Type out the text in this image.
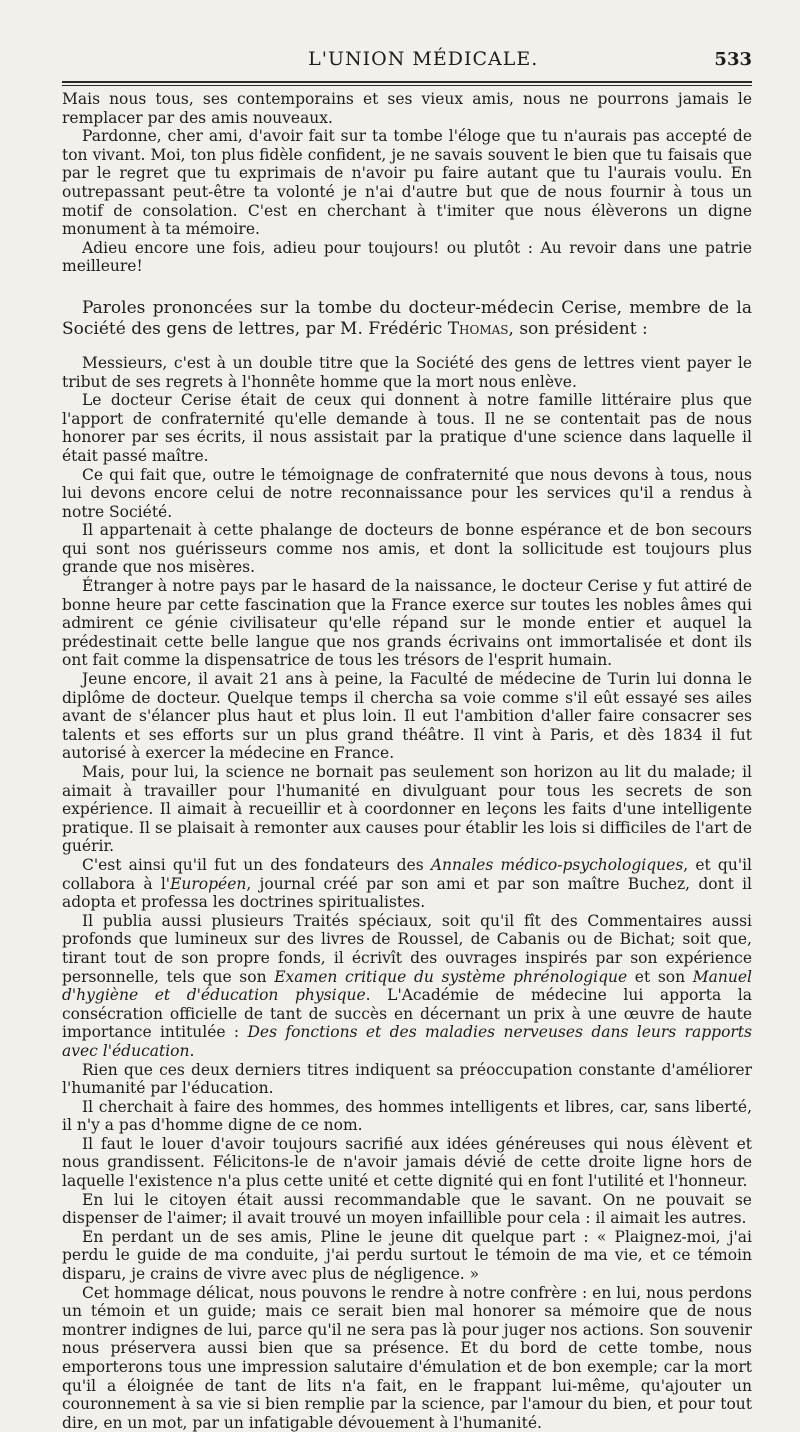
L'UNION MÉDICALE.	533

Mais nous tous, ses contemporains et ses vieux amis, nous ne pourrons jamais le remplacer par des amis nouveaux.

Pardonne, cher ami, d'avoir fait sur ta tombe l'éloge que tu n'aurais pas accepté de ton vivant. Moi, ton plus fidèle confident, je ne savais souvent le bien que tu faisais que par le regret que tu exprimais de n'avoir pu faire autant que tu l'aurais voulu. En outrepassant peut-être ta volonté je n'ai d'autre but que de nous fournir à tous un motif de consolation. C'est en cherchant à t'imiter que nous élèverons un digne monument à ta mémoire.

Adieu encore une fois, adieu pour toujours! ou plutôt : Au revoir dans une patrie meilleure!

Paroles prononcées sur la tombe du docteur-médecin Cerise, membre de la Société des gens de lettres, par M. Frédéric Thomas, son président :

Messieurs, c'est à un double titre que la Société des gens de lettres vient payer le tribut de ses regrets à l'honnête homme que la mort nous enlève.

Le docteur Cerise était de ceux qui donnent à notre famille littéraire plus que l'apport de confraternité qu'elle demande à tous. Il ne se contentait pas de nous honorer par ses écrits, il nous assistait par la pratique d'une science dans laquelle il était passé maître.

Ce qui fait que, outre le témoignage de confraternité que nous devons à tous, nous lui devons encore celui de notre reconnaissance pour les services qu'il a rendus à notre Société.

Il appartenait à cette phalange de docteurs de bonne espérance et de bon secours qui sont nos guérisseurs comme nos amis, et dont la sollicitude est toujours plus grande que nos misères.

Étranger à notre pays par le hasard de la naissance, le docteur Cerise y fut attiré de bonne heure par cette fascination que la France exerce sur toutes les nobles âmes qui admirent ce génie civilisateur qu'elle répand sur le monde entier et auquel la prédestinait cette belle langue que nos grands écrivains ont immortalisée et dont ils ont fait comme la dispensatrice de tous les trésors de l'esprit humain.

Jeune encore, il avait 21 ans à peine, la Faculté de médecine de Turin lui donna le diplôme de docteur. Quelque temps il chercha sa voie comme s'il eût essayé ses ailes avant de s'élancer plus haut et plus loin. Il eut l'ambition d'aller faire consacrer ses talents et ses efforts sur un plus grand théâtre. Il vint à Paris, et dès 1834 il fut autorisé à exercer la médecine en France.

Mais, pour lui, la science ne bornait pas seulement son horizon au lit du malade; il aimait à travailler pour l'humanité en divulguant pour tous les secrets de son expérience. Il aimait à recueillir et à coordonner en leçons les faits d'une intelligente pratique. Il se plaisait à remonter aux causes pour établir les lois si difficiles de l'art de guérir.

C'est ainsi qu'il fut un des fondateurs des Annales médico-psychologiques, et qu'il collabora à l'Européen, journal créé par son ami et par son maître Buchez, dont il adopta et professa les doctrines spiritualistes.

Il publia aussi plusieurs Traités spéciaux, soit qu'il fît des Commentaires aussi profonds que lumineux sur des livres de Roussel, de Cabanis ou de Bichat; soit que, tirant tout de son propre fonds, il écrivît des ouvrages inspirés par son expérience personnelle, tels que son Examen critique du système phrénologique et son Manuel d'hygiène et d'éducation physique. L'Académie de médecine lui apporta la consécration officielle de tant de succès en décernant un prix à une œuvre de haute importance intitulée : Des fonctions et des maladies nerveuses dans leurs rapports avec l'éducation.

Rien que ces deux derniers titres indiquent sa préoccupation constante d'améliorer l'humanité par l'éducation.

Il cherchait à faire des hommes, des hommes intelligents et libres, car, sans liberté, il n'y a pas d'homme digne de ce nom.

Il faut le louer d'avoir toujours sacrifié aux idées généreuses qui nous élèvent et nous grandissent. Félicitons-le de n'avoir jamais dévié de cette droite ligne hors de laquelle l'existence n'a plus cette unité et cette dignité qui en font l'utilité et l'honneur.

En lui le citoyen était aussi recommandable que le savant. On ne pouvait se dispenser de l'aimer; il avait trouvé un moyen infaillible pour cela : il aimait les autres.

En perdant un de ses amis, Pline le jeune dit quelque part : « Plaignez-moi, j'ai perdu le guide de ma conduite, j'ai perdu surtout le témoin de ma vie, et ce témoin disparu, je crains de vivre avec plus de négligence. »

Cet hommage délicat, nous pouvons le rendre à notre confrère : en lui, nous perdons un témoin et un guide; mais ce serait bien mal honorer sa mémoire que de nous montrer indignes de lui, parce qu'il ne sera pas là pour juger nos actions. Son souvenir nous préservera aussi bien que sa présence. Et du bord de cette tombe, nous emporterons tous une impression salutaire d'émulation et de bon exemple; car la mort qu'il a éloignée de tant de lits n'a fait, en le frappant lui-même, qu'ajouter un couronnement à sa vie si bien remplie par la science, par l'amour du bien, et pour tout dire, en un mot, par un infatigable dévouement à l'humanité.
